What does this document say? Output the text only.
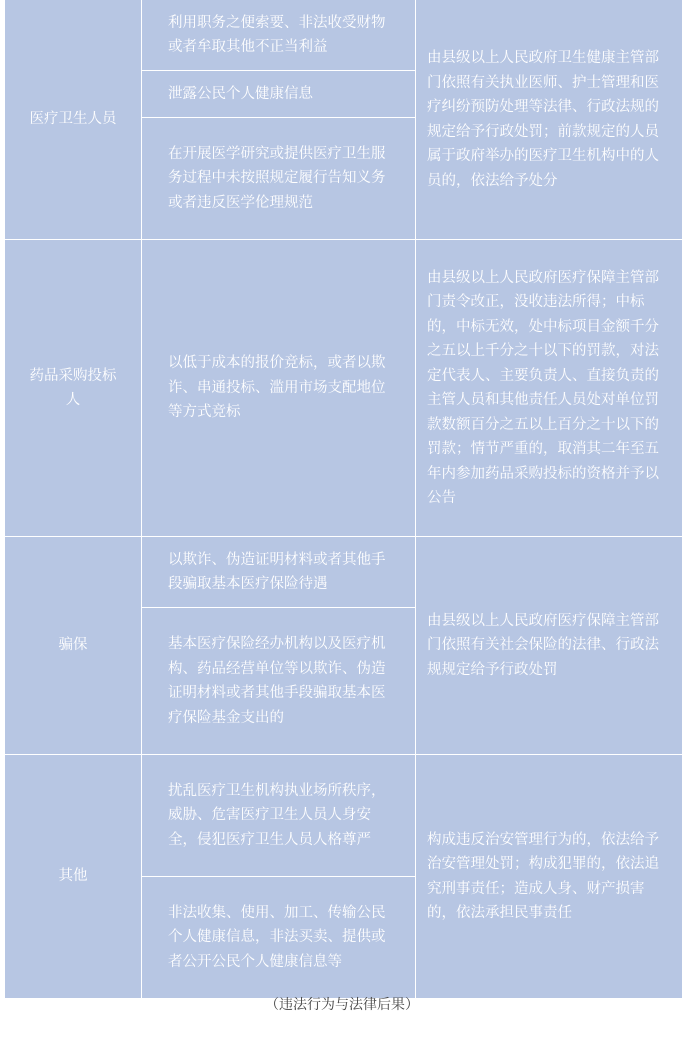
医疗卫生人员
利用职务之便索要、非法收受财物或者牟取其他不正当利益
由县级以上人民政府卫生健康主管部门依照有关执业医师、护士管理和医疗纠纷预防处理等法律、行政法规的规定给予行政处罚；前款规定的人员属于政府举办的医疗卫生机构中的人员的，依法给予处分
泄露公民个人健康信息
在开展医学研究或提供医疗卫生服务过程中未按照规定履行告知义务或者违反医学伦理规范
药品采购投标人
以低于成本的报价竞标，或者以欺诈、串通投标、滥用市场支配地位等方式竞标
由县级以上人民政府医疗保障主管部门责令改正，没收违法所得；中标的，中标无效，处中标项目金额千分之五以上千分之十以下的罚款，对法定代表人、主要负责人、直接负责的主管人员和其他责任人员处对单位罚款数额百分之五以上百分之十以下的罚款；情节严重的，取消其二年至五年内参加药品采购投标的资格并予以公告
骗保
以欺诈、伪造证明材料或者其他手段骗取基本医疗保险待遇
由县级以上人民政府医疗保障主管部门依照有关社会保险的法律、行政法规规定给予行政处罚
基本医疗保险经办机构以及医疗机构、药品经营单位等以欺诈、伪造证明材料或者其他手段骗取基本医疗保险基金支出的
其他
扰乱医疗卫生机构执业场所秩序，威胁、危害医疗卫生人员人身安全，侵犯医疗卫生人员人格尊严	构成违反治安管理行为的，依法给予治安管理处罚；构成犯罪的，依法追究刑事责任；造成人身、财产损害的，依法承担民事责任
非法收集、使用、加工、传输公民个人健康信息，非法买卖、提供或者公开公民个人健康信息等
（违法行为与法律后果）
